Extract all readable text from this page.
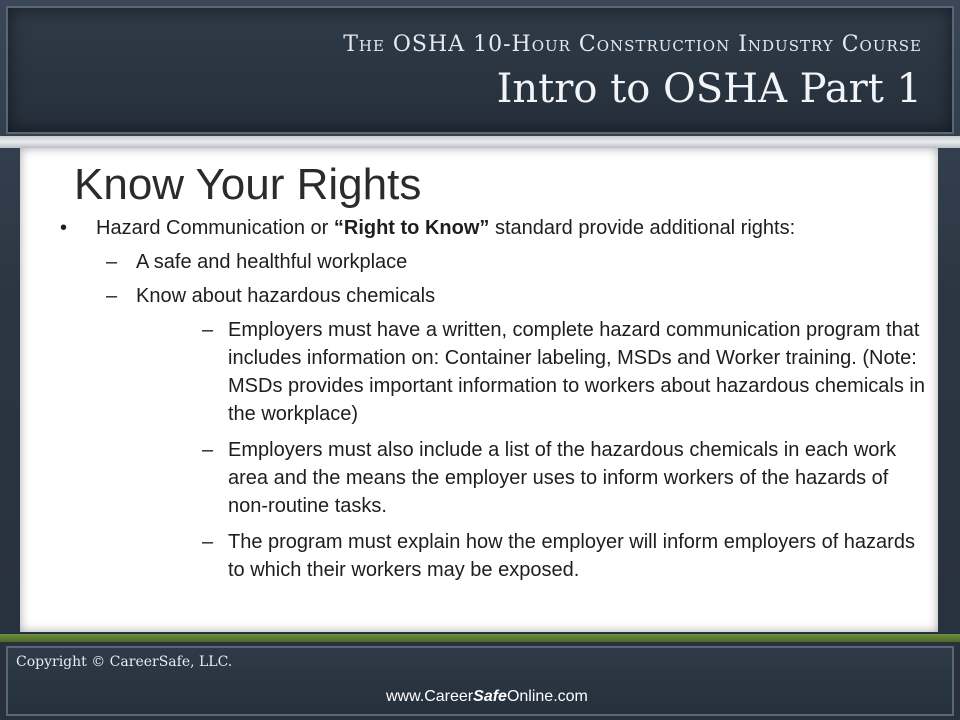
The OSHA 10-Hour Construction Industry Course
Intro to OSHA Part 1
Know Your Rights
• Hazard Communication or “Right to Know” standard provide additional rights:
– A safe and healthful workplace
– Know about hazardous chemicals
– Employers must have a written, complete hazard communication program that includes information on: Container labeling, MSDs and Worker training. (Note: MSDs provides important information to workers about hazardous chemicals in the workplace)
– Employers must also include a list of the hazardous chemicals in each work area and the means the employer uses to inform workers of the hazards of non-routine tasks.
– The program must explain how the employer will inform employers of hazards to which their workers may be exposed.
Copyright © CareerSafe, LLC.
www.CareerSafeOnline.com
